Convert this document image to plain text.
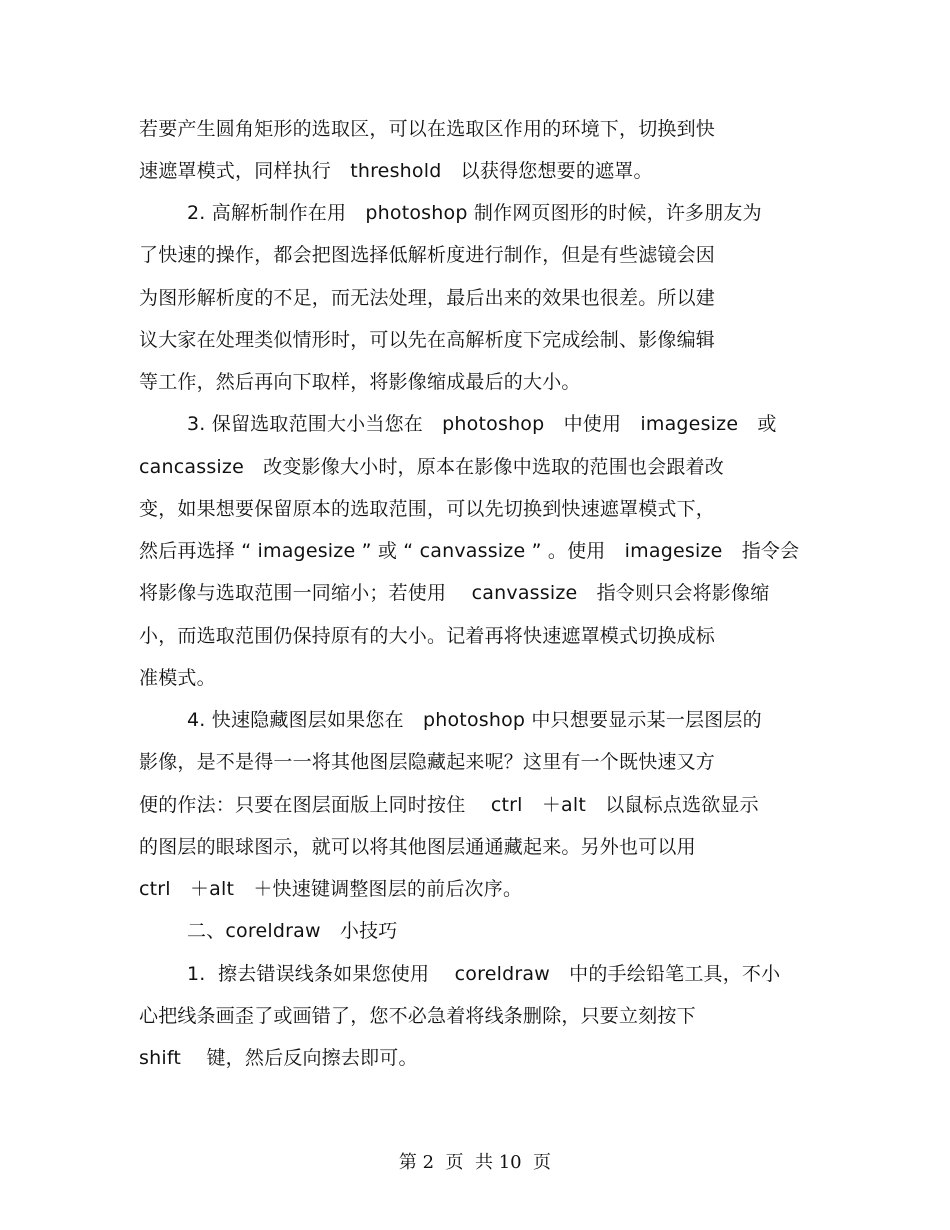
若要产生圆角矩形的选取区，可以在选取区作用的环境下，切换到快
速遮罩模式，同样执行　threshold　以获得您想要的遮罩。
2. 高解析制作在用　photoshop 制作网页图形的时候，许多朋友为
了快速的操作，都会把图选择低解析度进行制作，但是有些滤镜会因
为图形解析度的不足，而无法处理，最后出来的效果也很差。所以建
议大家在处理类似情形时，可以先在高解析度下完成绘制、影像编辑
等工作，然后再向下取样，将影像缩成最后的大小。
3. 保留选取范围大小当您在　photoshop　中使用　imagesize　或
cancassize　改变影像大小时，原本在影像中选取的范围也会跟着改
变，如果想要保留原本的选取范围，可以先切换到快速遮罩模式下，
然后再选择 “ imagesize ” 或 “ canvassize ” 。使用　imagesize　指令会
将影像与选取范围一同缩小；若使用　 canvassize　指令则只会将影像缩
小，而选取范围仍保持原有的大小。记着再将快速遮罩模式切换成标
准模式。
4. 快速隐藏图层如果您在　photoshop 中只想要显示某一层图层的
影像，是不是得一一将其他图层隐藏起来呢？这里有一个既快速又方
便的作法：只要在图层面版上同时按住　 ctrl　＋alt　以鼠标点选欲显示
的图层的眼球图示，就可以将其他图层通通藏起来。另外也可以用
ctrl　＋alt　＋快速键调整图层的前后次序。
二、coreldraw　小技巧
1.  擦去错误线条如果您使用　 coreldraw　中的手绘铅笔工具，不小
心把线条画歪了或画错了，您不必急着将线条删除，只要立刻按下
shift　 键，然后反向擦去即可。
第 2  页  共 10  页
